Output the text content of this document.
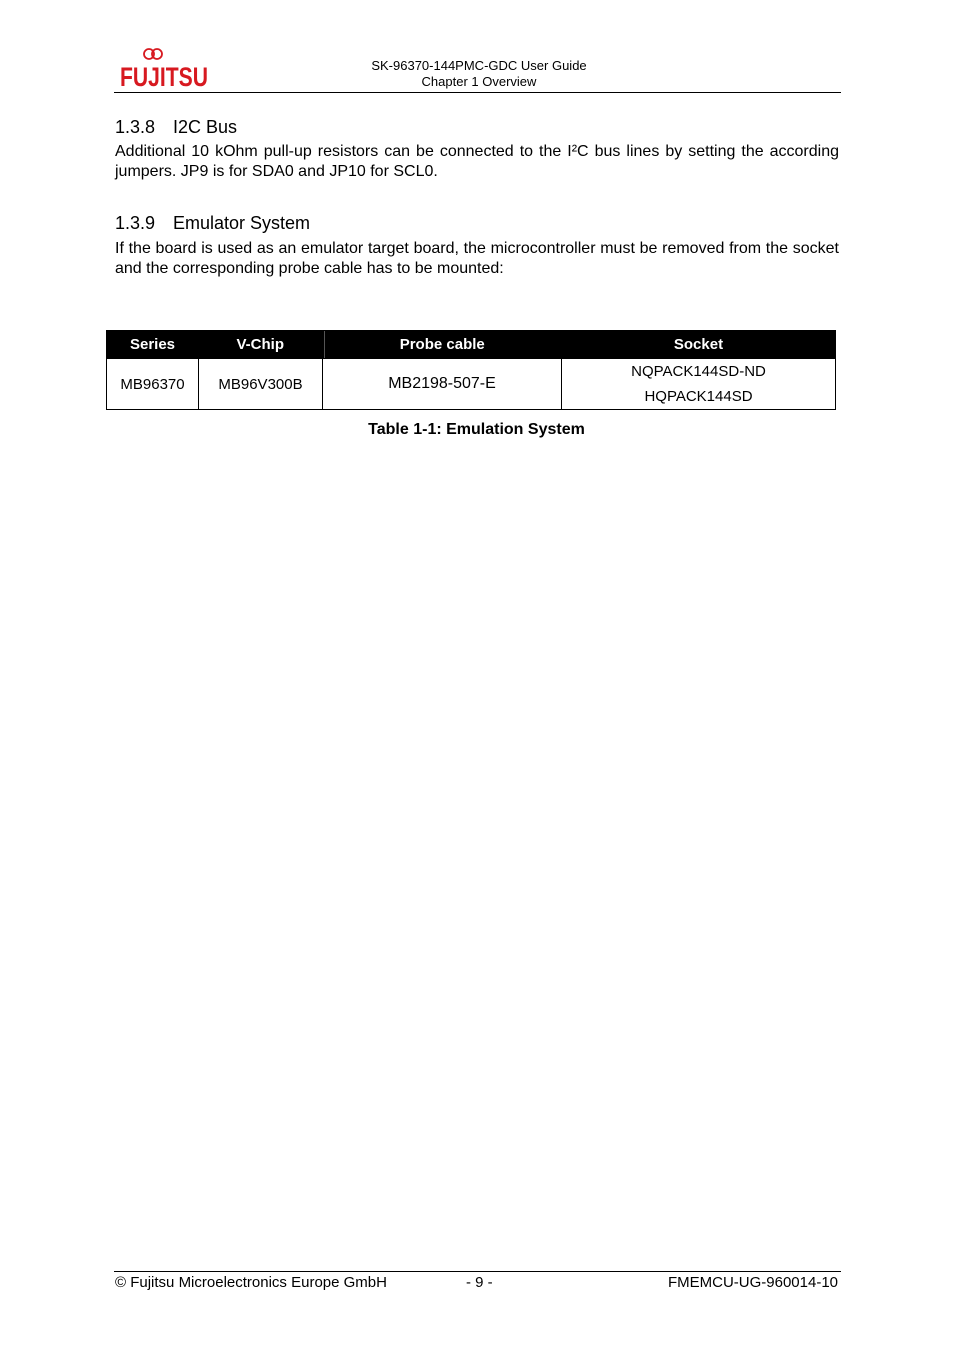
FUJITSU	SK-96370-144PMC-GDC User Guide
Chapter 1 Overview
1.3.8 I2C Bus
Additional 10 kOhm pull-up resistors can be connected to the I²C bus lines by setting the according jumpers. JP9 is for SDA0 and JP10 for SCL0.
1.3.9 Emulator System
If the board is used as an emulator target board, the microcontroller must be removed from the socket and the corresponding probe cable has to be mounted:
Series	V-Chip	Probe cable	Socket
MB96370	MB96V300B	MB2198-507-E	NQPACK144SD-ND
HQPACK144SD
Table 1-1: Emulation System
© Fujitsu Microelectronics Europe GmbH	- 9 -	FMEMCU-UG-960014-10
